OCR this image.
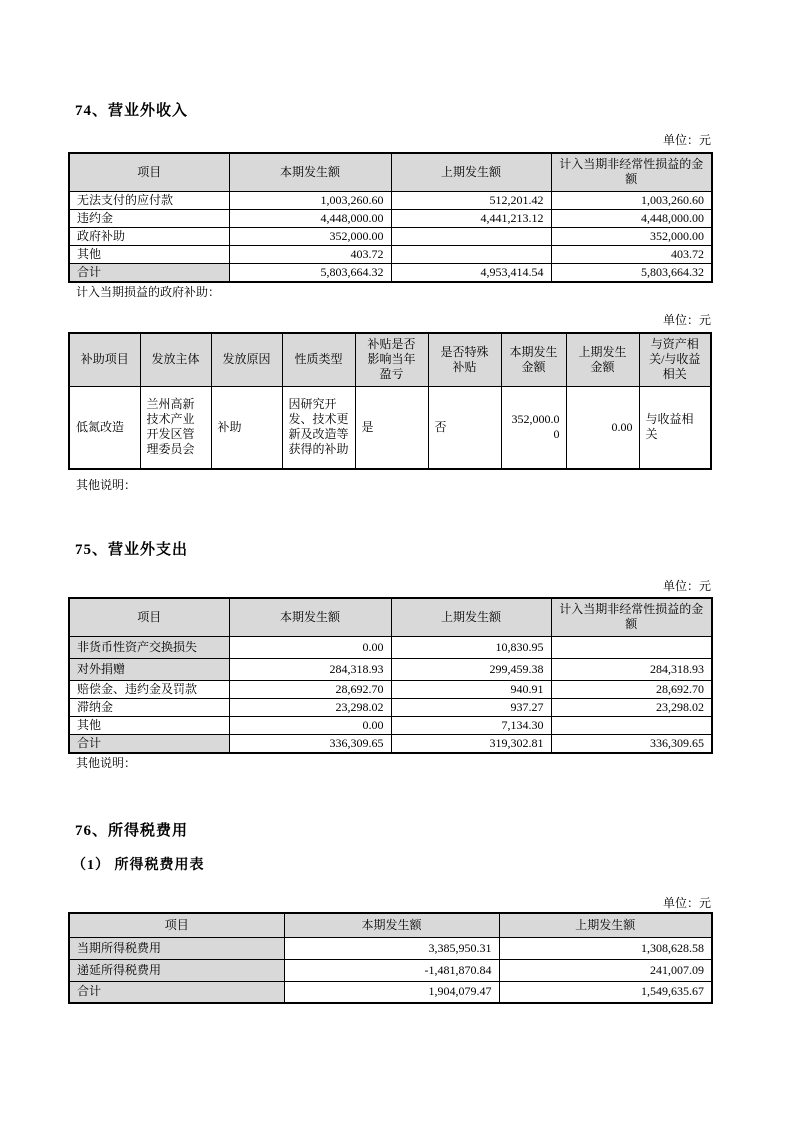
74、营业外收入
单位：元
项目	本期发生额	上期发生额	计入当期非经常性损益的金额
无法支付的应付款	1,003,260.60	512,201.42	1,003,260.60
违约金	4,448,000.00	4,441,213.12	4,448,000.00
政府补助	352,000.00		352,000.00
其他	403.72		403.72
合计	5,803,664.32	4,953,414.54	5,803,664.32
计入当期损益的政府补助：
单位：元
补助项目	发放主体	发放原因	性质类型	补贴是否影响当年盈亏	是否特殊补贴	本期发生金额	上期发生金额	与资产相关/与收益相关
低氮改造	兰州高新技术产业开发区管理委员会	补助	因研究开发、技术更新及改造等获得的补助	是	否	352,000.00	0.00	与收益相关
其他说明：
75、营业外支出
单位：元
项目	本期发生额	上期发生额	计入当期非经常性损益的金额
非货币性资产交换损失	0.00	10,830.95	
对外捐赠	284,318.93	299,459.38	284,318.93
赔偿金、违约金及罚款	28,692.70	940.91	28,692.70
滞纳金	23,298.02	937.27	23,298.02
其他	0.00	7,134.30	
合计	336,309.65	319,302.81	336,309.65
其他说明：
76、所得税费用
（1） 所得税费用表
单位：元
项目	本期发生额	上期发生额
当期所得税费用	3,385,950.31	1,308,628.58
递延所得税费用	-1,481,870.84	241,007.09
合计	1,904,079.47	1,549,635.67
